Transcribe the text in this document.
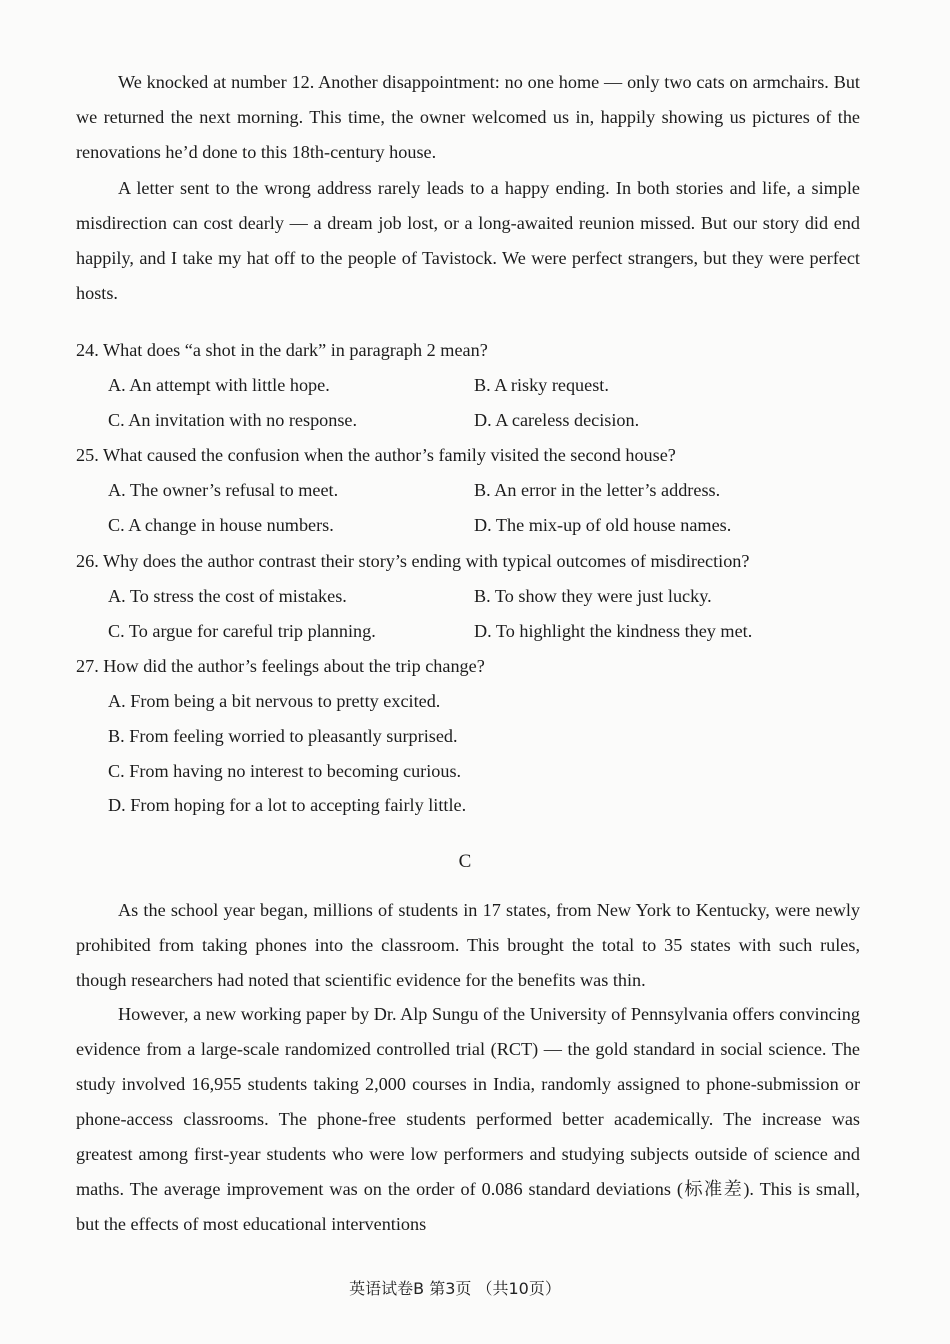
We knocked at number 12. Another disappointment: no one home — only two cats on armchairs. But we returned the next morning. This time, the owner welcomed us in, happily showing us pictures of the renovations he’d done to this 18th-century house.

A letter sent to the wrong address rarely leads to a happy ending. In both stories and life, a simple misdirection can cost dearly — a dream job lost, or a long-awaited reunion missed. But our story did end happily, and I take my hat off to the people of Tavistock. We were perfect strangers, but they were perfect hosts.

24. What does “a shot in the dark” in paragraph 2 mean?

A. An attempt with little hope.	B. A risky request.

C. An invitation with no response.	D. A careless decision.

25. What caused the confusion when the author’s family visited the second house?

A. The owner’s refusal to meet.	B. An error in the letter’s address.

C. A change in house numbers.	D. The mix-up of old house names.

26. Why does the author contrast their story’s ending with typical outcomes of misdirection?

A. To stress the cost of mistakes.	B. To show they were just lucky.

C. To argue for careful trip planning.	D. To highlight the kindness they met.

27. How did the author’s feelings about the trip change?

A. From being a bit nervous to pretty excited.

B. From feeling worried to pleasantly surprised.

C. From having no interest to becoming curious.

D. From hoping for a lot to accepting fairly little.

C

As the school year began, millions of students in 17 states, from New York to Kentucky, were newly prohibited from taking phones into the classroom. This brought the total to 35 states with such rules, though researchers had noted that scientific evidence for the benefits was thin.

However, a new working paper by Dr. Alp Sungu of the University of Pennsylvania offers convincing evidence from a large-scale randomized controlled trial (RCT) — the gold standard in social science. The study involved 16,955 students taking 2,000 courses in India, randomly assigned to phone-submission or phone-access classrooms. The phone-free students performed better academically. The increase was greatest among first-year students who were low performers and studying subjects outside of science and maths. The average improvement was on the order of 0.086 standard deviations (标准差). This is small, but the effects of most educational interventions

英语试卷B 第3页 （共10页）
